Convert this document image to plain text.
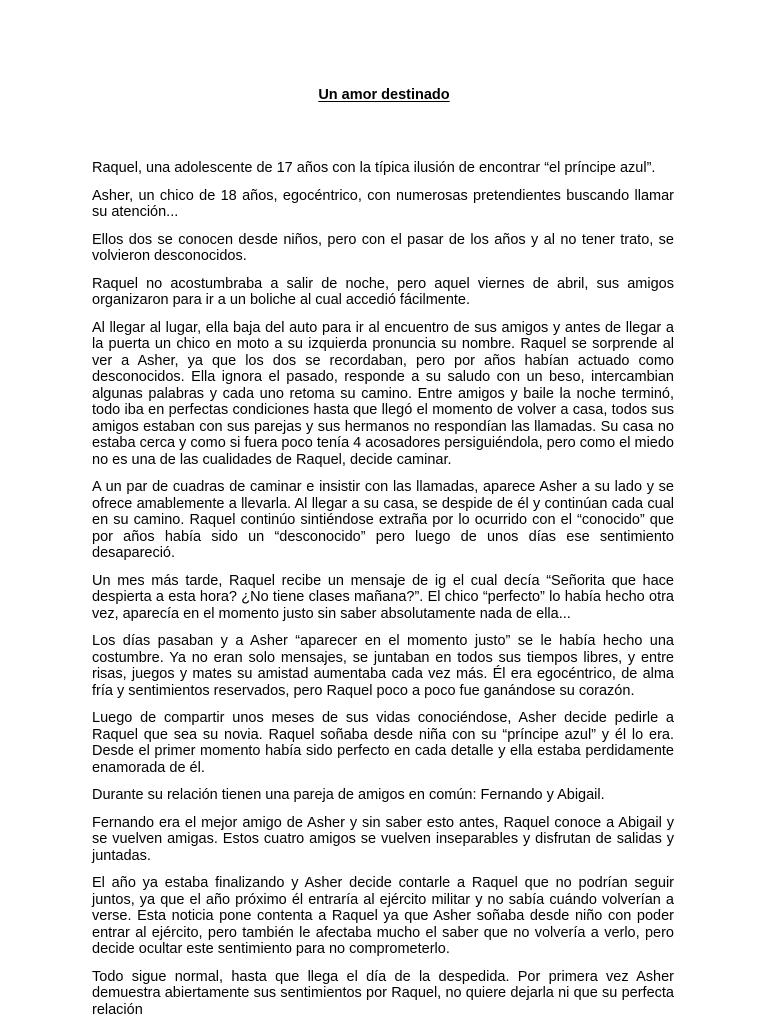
Un amor destinado

Raquel, una adolescente de 17 años con la típica ilusión de encontrar “el príncipe azul”.

Asher, un chico de 18 años, egocéntrico, con numerosas pretendientes buscando llamar su atención...

Ellos dos se conocen desde niños, pero con el pasar de los años y al no tener trato, se volvieron desconocidos.

Raquel no acostumbraba a salir de noche, pero aquel viernes de abril, sus amigos organizaron para ir a un boliche al cual accedió fácilmente.

Al llegar al lugar, ella baja del auto para ir al encuentro de sus amigos y antes de llegar a la puerta un chico en moto a su izquierda pronuncia su nombre. Raquel se sorprende al ver a Asher, ya que los dos se recordaban, pero por años habían actuado como desconocidos. Ella ignora el pasado, responde a su saludo con un beso, intercambian algunas palabras y cada uno retoma su camino. Entre amigos y baile la noche terminó, todo iba en perfectas condiciones hasta que llegó el momento de volver a casa, todos sus amigos estaban con sus parejas y sus hermanos no respondían las llamadas. Su casa no estaba cerca y como si fuera poco tenía 4 acosadores persiguiéndola, pero como el miedo no es una de las cualidades de Raquel, decide caminar.

A un par de cuadras de caminar e insistir con las llamadas, aparece Asher a su lado y se ofrece amablemente a llevarla. Al llegar a su casa, se despide de él y continúan cada cual en su camino. Raquel continúo sintiéndose extraña por lo ocurrido con el “conocido” que por años había sido un “desconocido” pero luego de unos días ese sentimiento desapareció.

Un mes más tarde, Raquel recibe un mensaje de ig el cual decía “Señorita que hace despierta a esta hora? ¿No tiene clases mañana?”. El chico “perfecto” lo había hecho otra vez, aparecía en el momento justo sin saber absolutamente nada de ella...

Los días pasaban y a Asher “aparecer en el momento justo” se le había hecho una costumbre. Ya no eran solo mensajes, se juntaban en todos sus tiempos libres, y entre risas, juegos y mates su amistad aumentaba cada vez más. Él era egocéntrico, de alma fría y sentimientos reservados, pero Raquel poco a poco fue ganándose su corazón.

Luego de compartir unos meses de sus vidas conociéndose, Asher decide pedirle a Raquel que sea su novia. Raquel soñaba desde niña con su “príncipe azul” y él lo era. Desde el primer momento había sido perfecto en cada detalle y ella estaba perdidamente enamorada de él.

Durante su relación tienen una pareja de amigos en común: Fernando y Abigail.

Fernando era el mejor amigo de Asher y sin saber esto antes, Raquel conoce a Abigail y se vuelven amigas. Estos cuatro amigos se vuelven inseparables y disfrutan de salidas y juntadas.

El año ya estaba finalizando y Asher decide contarle a Raquel que no podrían seguir juntos, ya que el año próximo él entraría al ejército militar y no sabía cuándo volverían a verse. Esta noticia pone contenta a Raquel ya que Asher soñaba desde niño con poder entrar al ejército, pero también le afectaba mucho el saber que no volvería a verlo, pero decide ocultar este sentimiento para no comprometerlo.

Todo sigue normal, hasta que llega el día de la despedida. Por primera vez Asher demuestra abiertamente sus sentimientos por Raquel, no quiere dejarla ni que su perfecta relación
